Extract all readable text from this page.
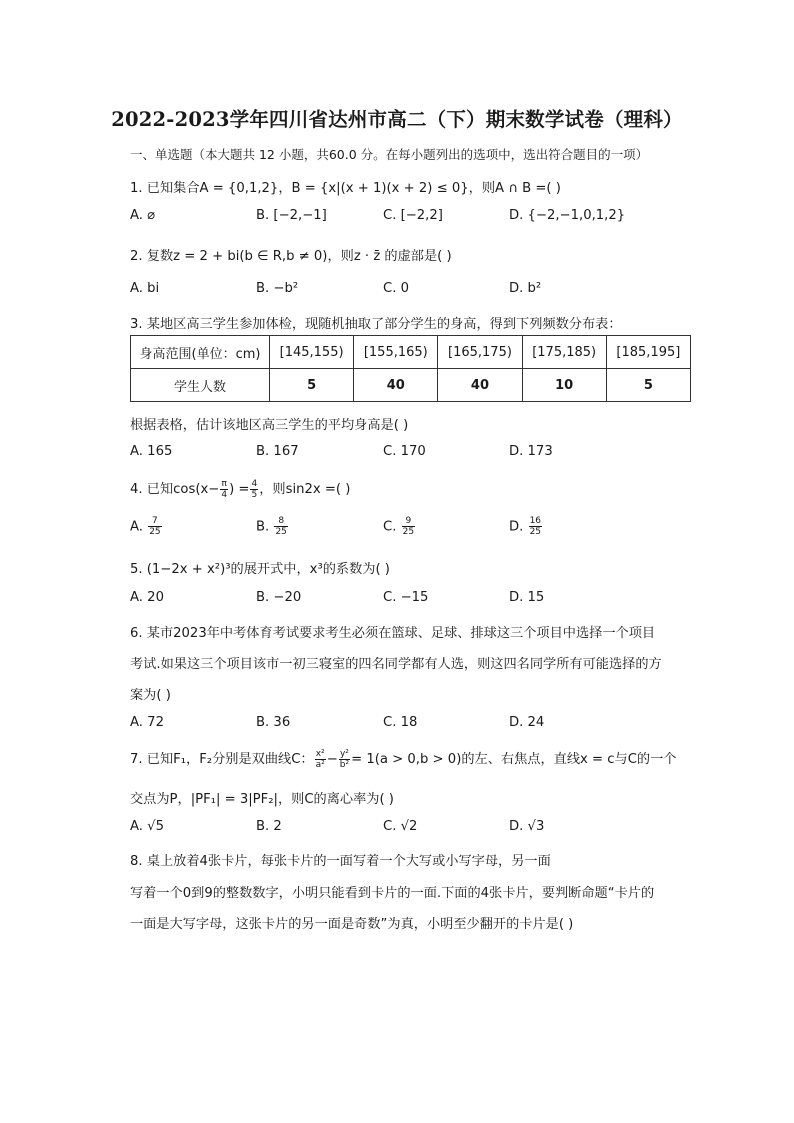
2022-2023学年四川省达州市高二（下）期末数学试卷（理科）
一、单选题（本大题共 12 小题，共60.0 分。在每小题列出的选项中，选出符合题目的一项）
1. 已知集合A = {0,1,2}，B = {x|(x + 1)(x + 2) ≤ 0}，则A ∩ B =( )
A. ⌀	B. [−2,−1]	C. [−2,2]	D. {−2,−1,0,1,2}
2. 复数z = 2 + bi(b ∈ R,b ≠ 0)，则z · z̄ 的虚部是( )
A. bi	B. −b²	C. 0	D. b²
3. 某地区高三学生参加体检，现随机抽取了部分学生的身高，得到下列频数分布表：
身高范围(单位：cm)	[145,155)	[155,165)	[165,175)	[175,185)	[185,195]
学生人数	5	40	40	10	5
根据表格，估计该地区高三学生的平均身高是( )
A. 165	B. 167	C. 170	D. 173
4. 已知$\cos(x- \frac{\pi}{4}$ ) = $\frac{4}{5}$ ，则sin2x =( )
A. $\frac{7}{25}$	B. $\frac{8}{25}$	C. $\frac{9}{25}$	D. $\frac{16}{25}$
5. (1−2x + x²)³的展开式中，x³的系数为( )
A. 20	B. −20	C. −15	D. 15
6. 某市2023年中考体育考试要求考生必须在篮球、足球、排球这三个项目中选择一个项目
考试.如果这三个项目该市一初三寝室的四名同学都有人选，则这四名同学所有可能选择的方
案为( )
A. 72	B. 36	C. 18	D. 24
7. 已知F₁，F₂分别是双曲线C： $\frac{\text{x²}}{\text{a²}} - \frac{\text{y²}}{\text{b²}} = 1(a > 0,b > 0)$的左、右焦点，直线x = c与C的一个
交点为P，|PF₁| = 3|PF₂|，则C的离心率为( )
A. √5	B. 2	C. √2	D. √3
8. 桌上放着4张卡片，每张卡片的一面写着一个大写或小写字母，另一面
写着一个0到9的整数数字，小明只能看到卡片的一面.下面的4张卡片，要判断命题“卡片的
一面是大写字母，这张卡片的另一面是奇数”为真，小明至少翻开的卡片是( )
